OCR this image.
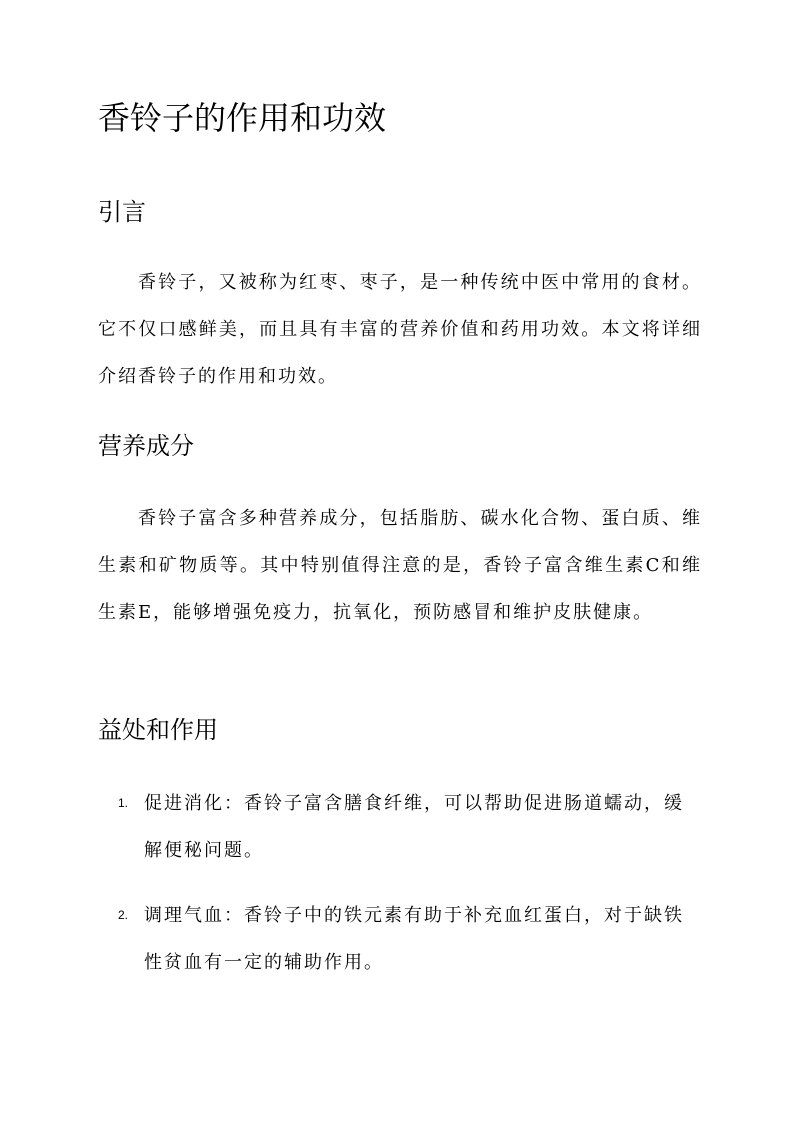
香铃子的作用和功效
引言

香铃子，又被称为红枣、枣子，是一种传统中医中常用的食材。它不仅口感鲜美，而且具有丰富的营养价值和药用功效。本文将详细介绍香铃子的作用和功效。

营养成分

香铃子富含多种营养成分，包括脂肪、碳水化合物、蛋白质、维生素和矿物质等。其中特别值得注意的是，香铃子富含维生素C和维生素E，能够增强免疫力，抗氧化，预防感冒和维护皮肤健康。

益处和作用
1. 促进消化：香铃子富含膳食纤维，可以帮助促进肠道蠕动，缓解便秘问题。

2. 调理气血：香铃子中的铁元素有助于补充血红蛋白，对于缺铁性贫血有一定的辅助作用。
